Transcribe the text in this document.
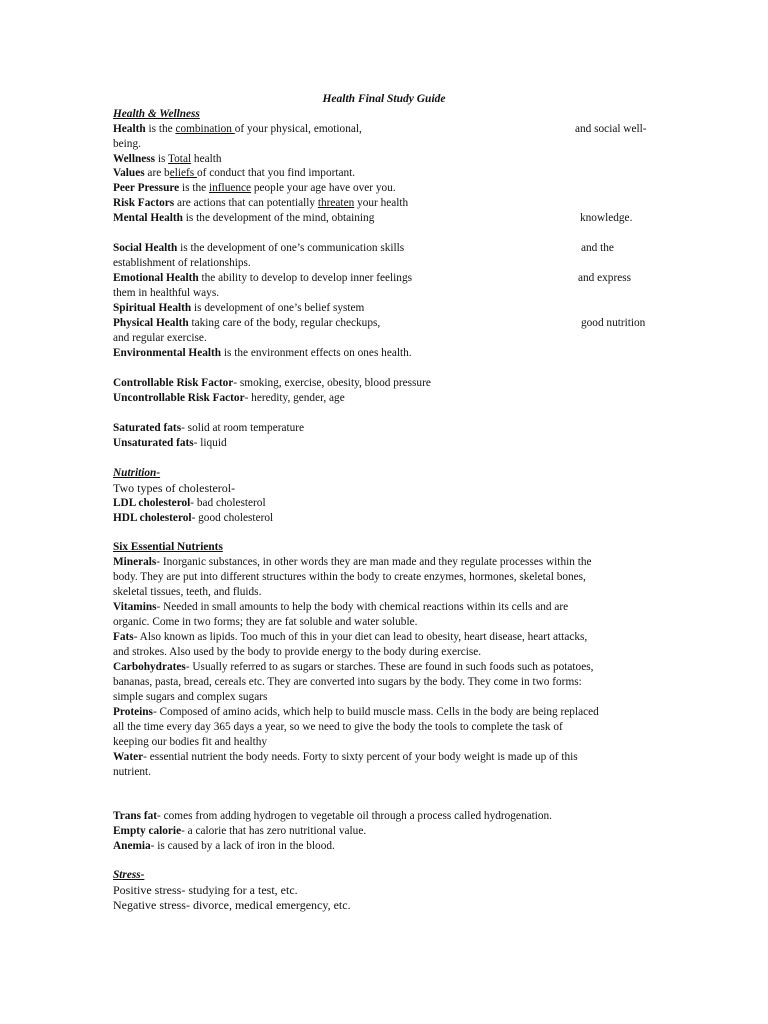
Health Final Study Guide
Health & Wellness
Health is the combination of your physical, emotional,	and social well-
being.
Wellness is Total health
Values are beliefs of conduct that you find important.
Peer Pressure is the influence people your age have over you.
Risk Factors are actions that can potentially threaten your health
Mental Health is the development of the mind, obtaining	knowledge.
Social Health is the development of one’s communication skills	and the
establishment of relationships.
Emotional Health the ability to develop to develop inner feelings	and express
them in healthful ways.
Spiritual Health is development of one’s belief system
Physical Health taking care of the body, regular checkups,	good nutrition
and regular exercise.
Environmental Health is the environment effects on ones health.
Controllable Risk Factor- smoking, exercise, obesity, blood pressure
Uncontrollable Risk Factor- heredity, gender, age
Saturated fats- solid at room temperature
Unsaturated fats- liquid
Nutrition-
Two types of cholesterol-
LDL cholesterol- bad cholesterol
HDL cholesterol- good cholesterol
Six Essential Nutrients
Minerals- Inorganic substances, in other words they are man made and they regulate processes within the
body. They are put into different structures within the body to create enzymes, hormones, skeletal bones,
skeletal tissues, teeth, and fluids.
Vitamins- Needed in small amounts to help the body with chemical reactions within its cells and are
organic. Come in two forms; they are fat soluble and water soluble.
Fats- Also known as lipids. Too much of this in your diet can lead to obesity, heart disease, heart attacks,
and strokes. Also used by the body to provide energy to the body during exercise.
Carbohydrates- Usually referred to as sugars or starches. These are found in such foods such as potatoes,
bananas, pasta, bread, cereals etc. They are converted into sugars by the body. They come in two forms:
simple sugars and complex sugars
Proteins- Composed of amino acids, which help to build muscle mass. Cells in the body are being replaced
all the time every day 365 days a year, so we need to give the body the tools to complete the task of
keeping our bodies fit and healthy
Water- essential nutrient the body needs. Forty to sixty percent of your body weight is made up of this
nutrient.
Trans fat- comes from adding hydrogen to vegetable oil through a process called hydrogenation.
Empty calorie- a calorie that has zero nutritional value.
Anemia- is caused by a lack of iron in the blood.
Stress-
Positive stress- studying for a test, etc.
Negative stress- divorce, medical emergency, etc.
